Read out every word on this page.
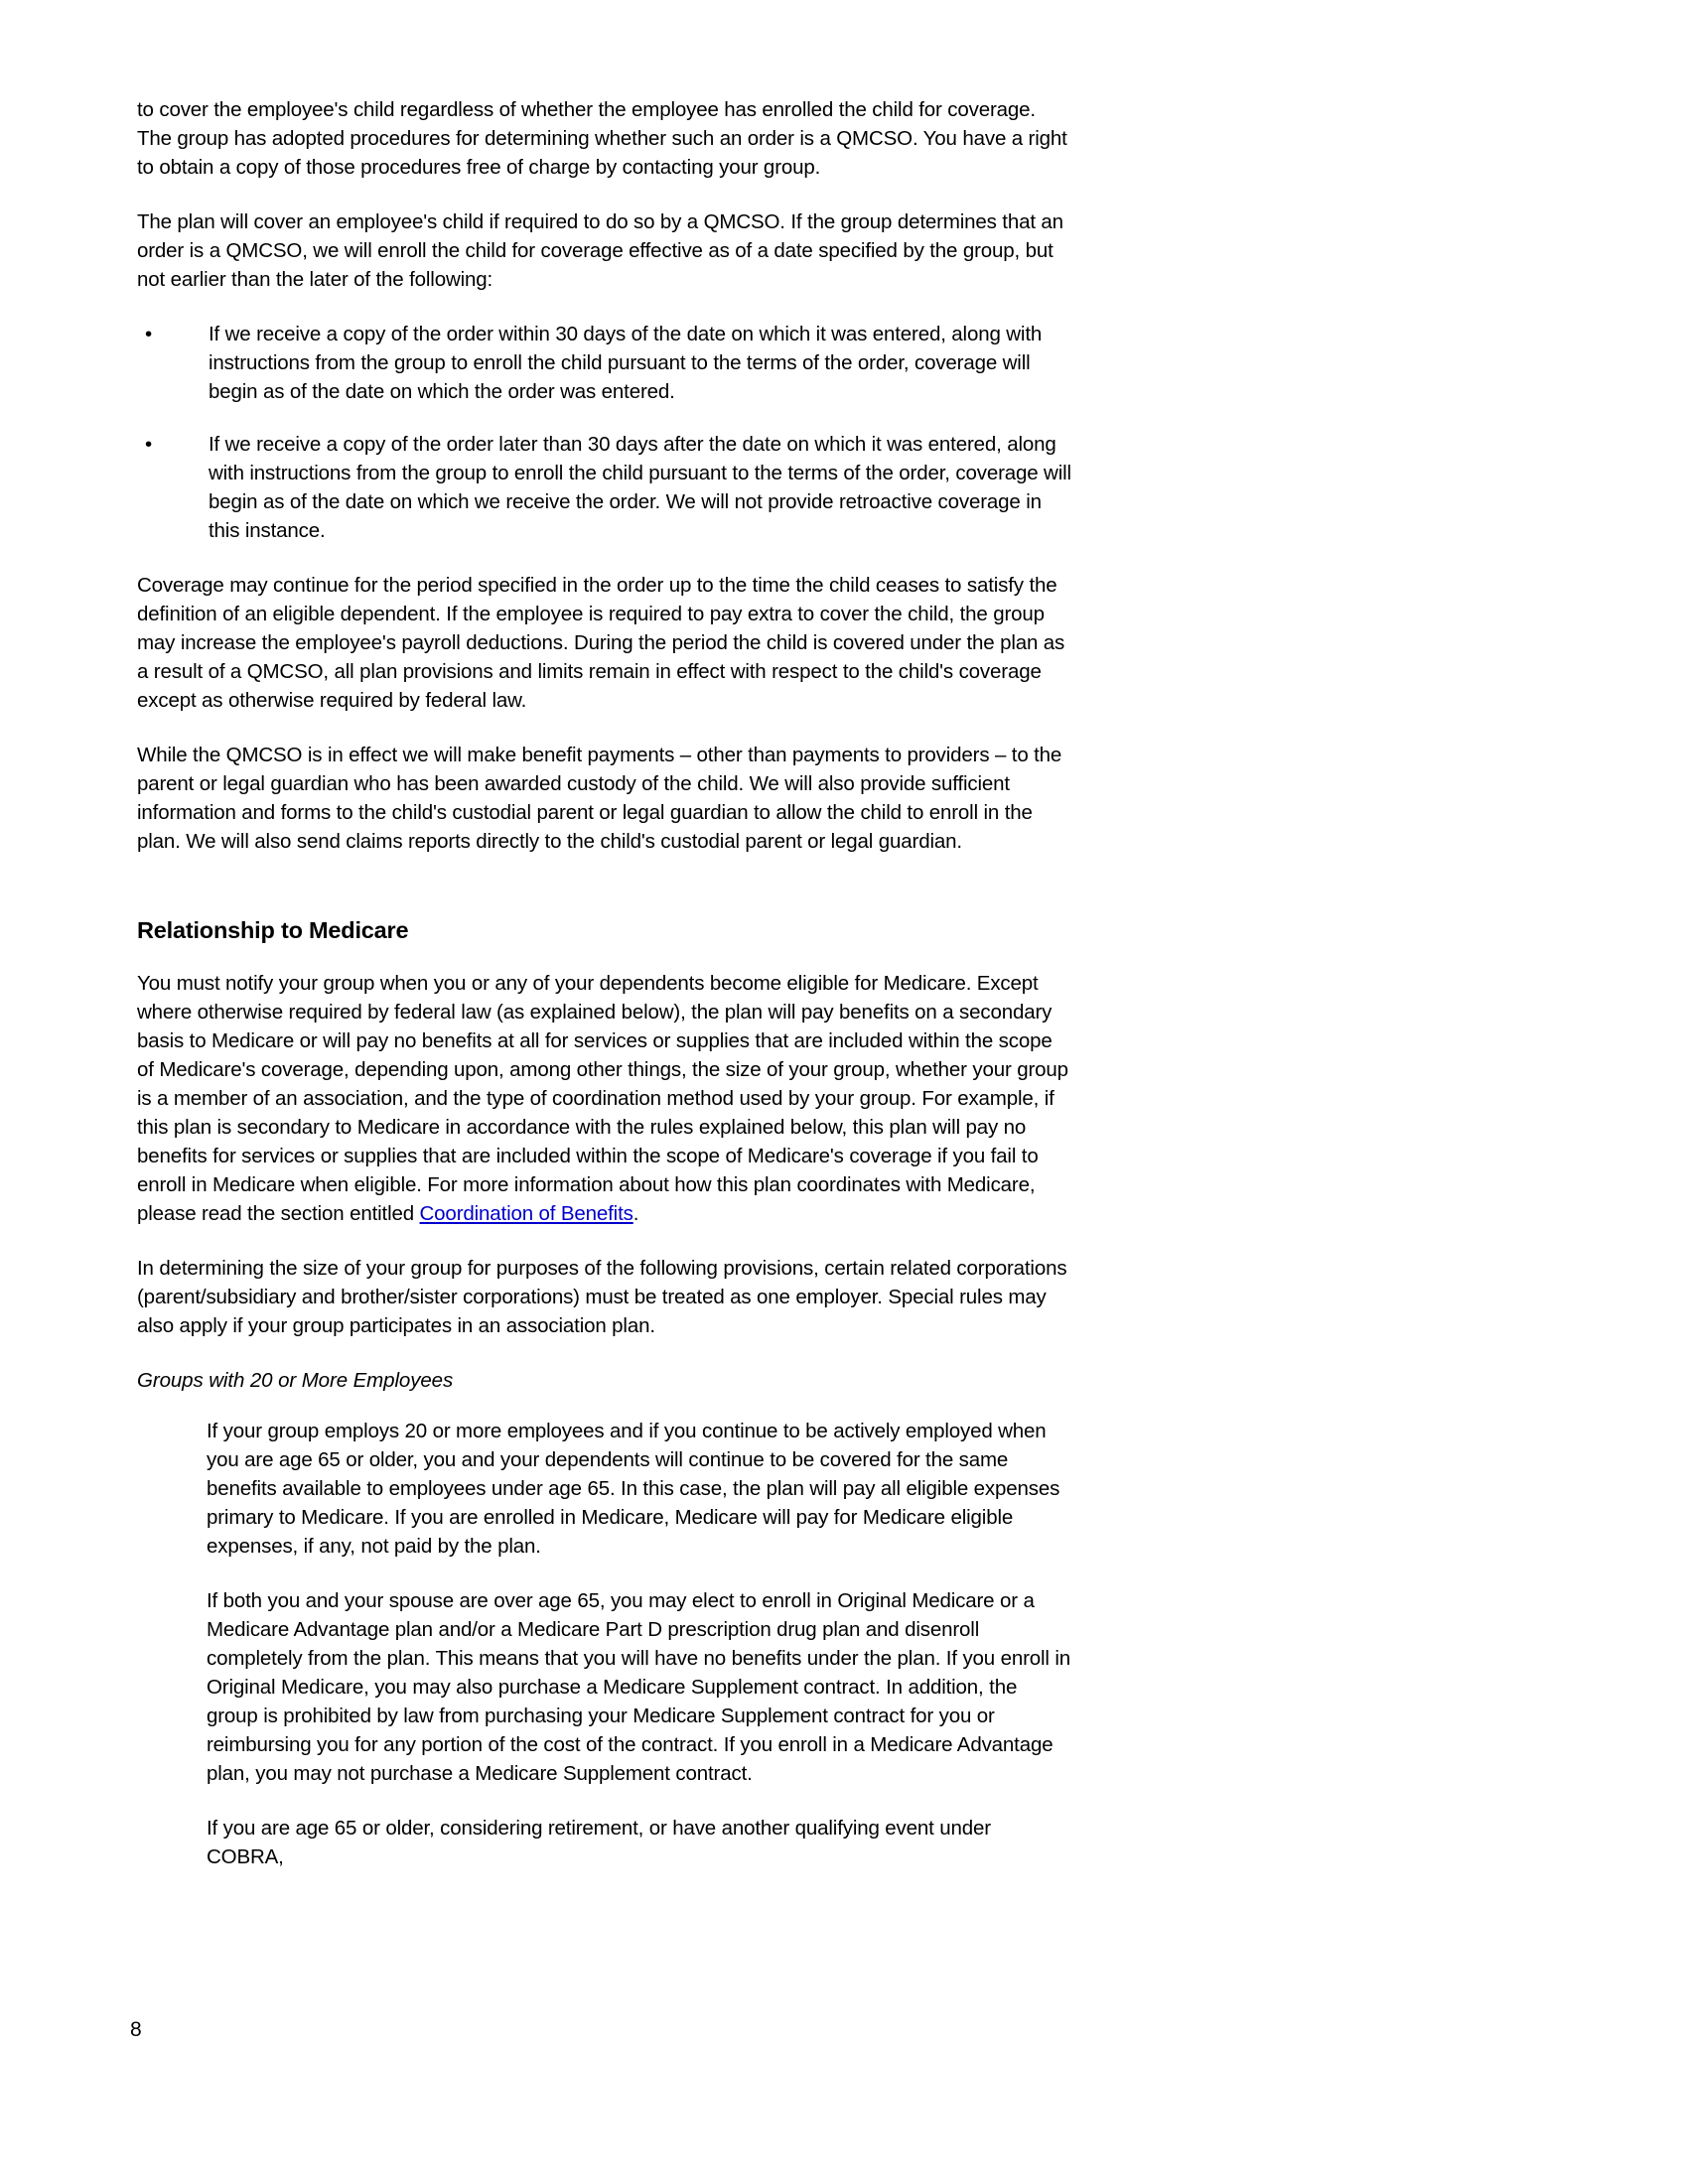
to cover the employee's child regardless of whether the employee has enrolled the child for coverage. The group has adopted procedures for determining whether such an order is a QMCSO. You have a right to obtain a copy of those procedures free of charge by contacting your group.

The plan will cover an employee's child if required to do so by a QMCSO. If the group determines that an order is a QMCSO, we will enroll the child for coverage effective as of a date specified by the group, but not earlier than the later of the following:

•	If we receive a copy of the order within 30 days of the date on which it was entered, along with instructions from the group to enroll the child pursuant to the terms of the order, coverage will begin as of the date on which the order was entered.
•	If we receive a copy of the order later than 30 days after the date on which it was entered, along with instructions from the group to enroll the child pursuant to the terms of the order, coverage will begin as of the date on which we receive the order. We will not provide retroactive coverage in this instance.

Coverage may continue for the period specified in the order up to the time the child ceases to satisfy the definition of an eligible dependent. If the employee is required to pay extra to cover the child, the group may increase the employee's payroll deductions. During the period the child is covered under the plan as a result of a QMCSO, all plan provisions and limits remain in effect with respect to the child's coverage except as otherwise required by federal law.

While the QMCSO is in effect we will make benefit payments – other than payments to providers – to the parent or legal guardian who has been awarded custody of the child. We will also provide sufficient information and forms to the child's custodial parent or legal guardian to allow the child to enroll in the plan. We will also send claims reports directly to the child's custodial parent or legal guardian.

Relationship to Medicare

You must notify your group when you or any of your dependents become eligible for Medicare. Except where otherwise required by federal law (as explained below), the plan will pay benefits on a secondary basis to Medicare or will pay no benefits at all for services or supplies that are included within the scope of Medicare's coverage, depending upon, among other things, the size of your group, whether your group is a member of an association, and the type of coordination method used by your group. For example, if this plan is secondary to Medicare in accordance with the rules explained below, this plan will pay no benefits for services or supplies that are included within the scope of Medicare's coverage if you fail to enroll in Medicare when eligible. For more information about how this plan coordinates with Medicare, please read the section entitled Coordination of Benefits.

In determining the size of your group for purposes of the following provisions, certain related corporations (parent/subsidiary and brother/sister corporations) must be treated as one employer. Special rules may also apply if your group participates in an association plan.

Groups with 20 or More Employees

If your group employs 20 or more employees and if you continue to be actively employed when you are age 65 or older, you and your dependents will continue to be covered for the same benefits available to employees under age 65. In this case, the plan will pay all eligible expenses primary to Medicare. If you are enrolled in Medicare, Medicare will pay for Medicare eligible expenses, if any, not paid by the plan.

If both you and your spouse are over age 65, you may elect to enroll in Original Medicare or a Medicare Advantage plan and/or a Medicare Part D prescription drug plan and disenroll completely from the plan. This means that you will have no benefits under the plan. If you enroll in Original Medicare, you may also purchase a Medicare Supplement contract. In addition, the group is prohibited by law from purchasing your Medicare Supplement contract for you or reimbursing you for any portion of the cost of the contract. If you enroll in a Medicare Advantage plan, you may not purchase a Medicare Supplement contract.

If you are age 65 or older, considering retirement, or have another qualifying event under COBRA,

8
